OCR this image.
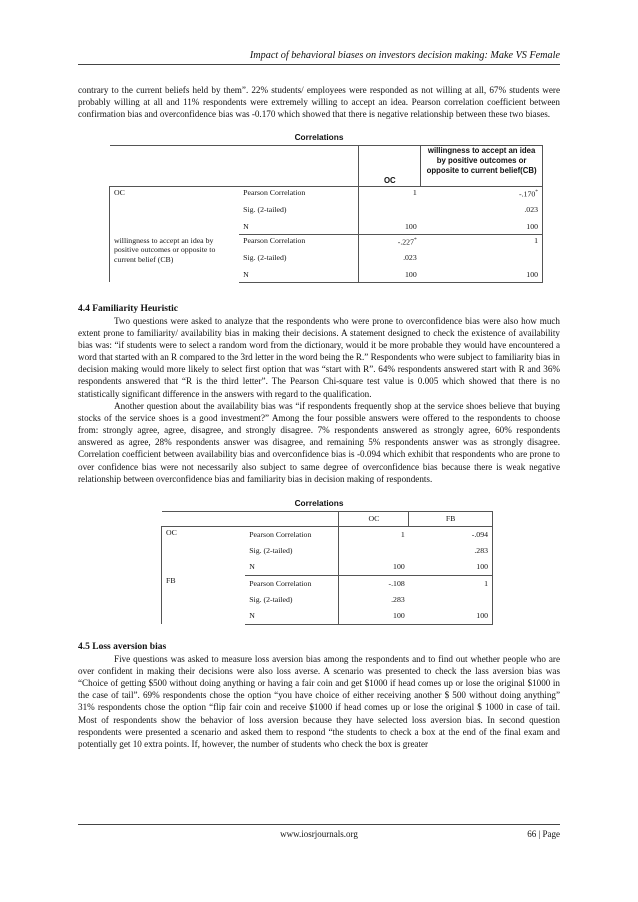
Impact of behavioral biases on investors decision making: Make VS Female

contrary to the current beliefs held by them”. 22% students/ employees were responded as not willing at all, 67% students were probably willing at all and 11% respondents were extremely willing to accept an idea. Pearson correlation coefficient between confirmation bias and overconfidence bias was -0.170 which showed that there is negative relationship between these two biases.

Correlations
		OC	willingness to accept an idea by positive outcomes or opposite to current belief(CB)
OC	Pearson Correlation	1	-.170*
	Sig. (2-tailed)		.023
	N	100	100
willingness to accept an idea by positive outcomes or opposite to current belief (CB)	Pearson Correlation	-.227*	1
	Sig. (2-tailed)	.023	
	N	100	100
4.4 Familiarity Heuristic

Two questions were asked to analyze that the respondents who were prone to overconfidence bias were also how much extent prone to familiarity/ availability bias in making their decisions. A statement designed to check the existence of availability bias was: “if students were to select a random word from the dictionary, would it be more probable they would have encountered a word that started with an R compared to the 3rd letter in the word being the R.” Respondents who were subject to familiarity bias in decision making would more likely to select first option that was “start with R”. 64% respondents answered start with R and 36% respondents answered that “R is the third letter”. The Pearson Chi-square test value is 0.005 which showed that there is no statistically significant difference in the answers with regard to the qualification.

Another question about the availability bias was “if respondents frequently shop at the service shoes believe that buying stocks of the service shoes is a good investment?” Among the four possible answers were offered to the respondents to choose from: strongly agree, agree, disagree, and strongly disagree. 7% respondents answered as strongly agree, 60% respondents answered as agree, 28% respondents answer was disagree, and remaining 5% respondents answer was as strongly disagree. Correlation coefficient between availability bias and overconfidence bias is -0.094 which exhibit that respondents who are prone to over confidence bias were not necessarily also subject to same degree of overconfidence bias because there is weak negative relationship between overconfidence bias and familiarity bias in decision making of respondents.

Correlations
		OC	FB
OC	Pearson Correlation	1	-.094
	Sig. (2-tailed)		.283
	N	100	100
FB	Pearson Correlation	-.108	1
	Sig. (2-tailed)	.283	
	N	100	100
4.5 Loss aversion bias

Five questions was asked to measure loss aversion bias among the respondents and to find out whether people who are over confident in making their decisions were also loss averse. A scenario was presented to check the lass aversion bias was “Choice of getting $500 without doing anything or having a fair coin and get $1000 if head comes up or lose the original $1000 in the case of tail”. 69% respondents chose the option “you have choice of either receiving another $ 500 without doing anything” 31% respondents chose the option “flip fair coin and receive $1000 if head comes up or lose the original $ 1000 in case of tail. Most of respondents show the behavior of loss aversion because they have selected loss aversion bias. In second question respondents were presented a scenario and asked them to respond “the students to check a box at the end of the final exam and potentially get 10 extra points. If, however, the number of students who check the box is greater

www.iosrjournals.org	66 | Page
